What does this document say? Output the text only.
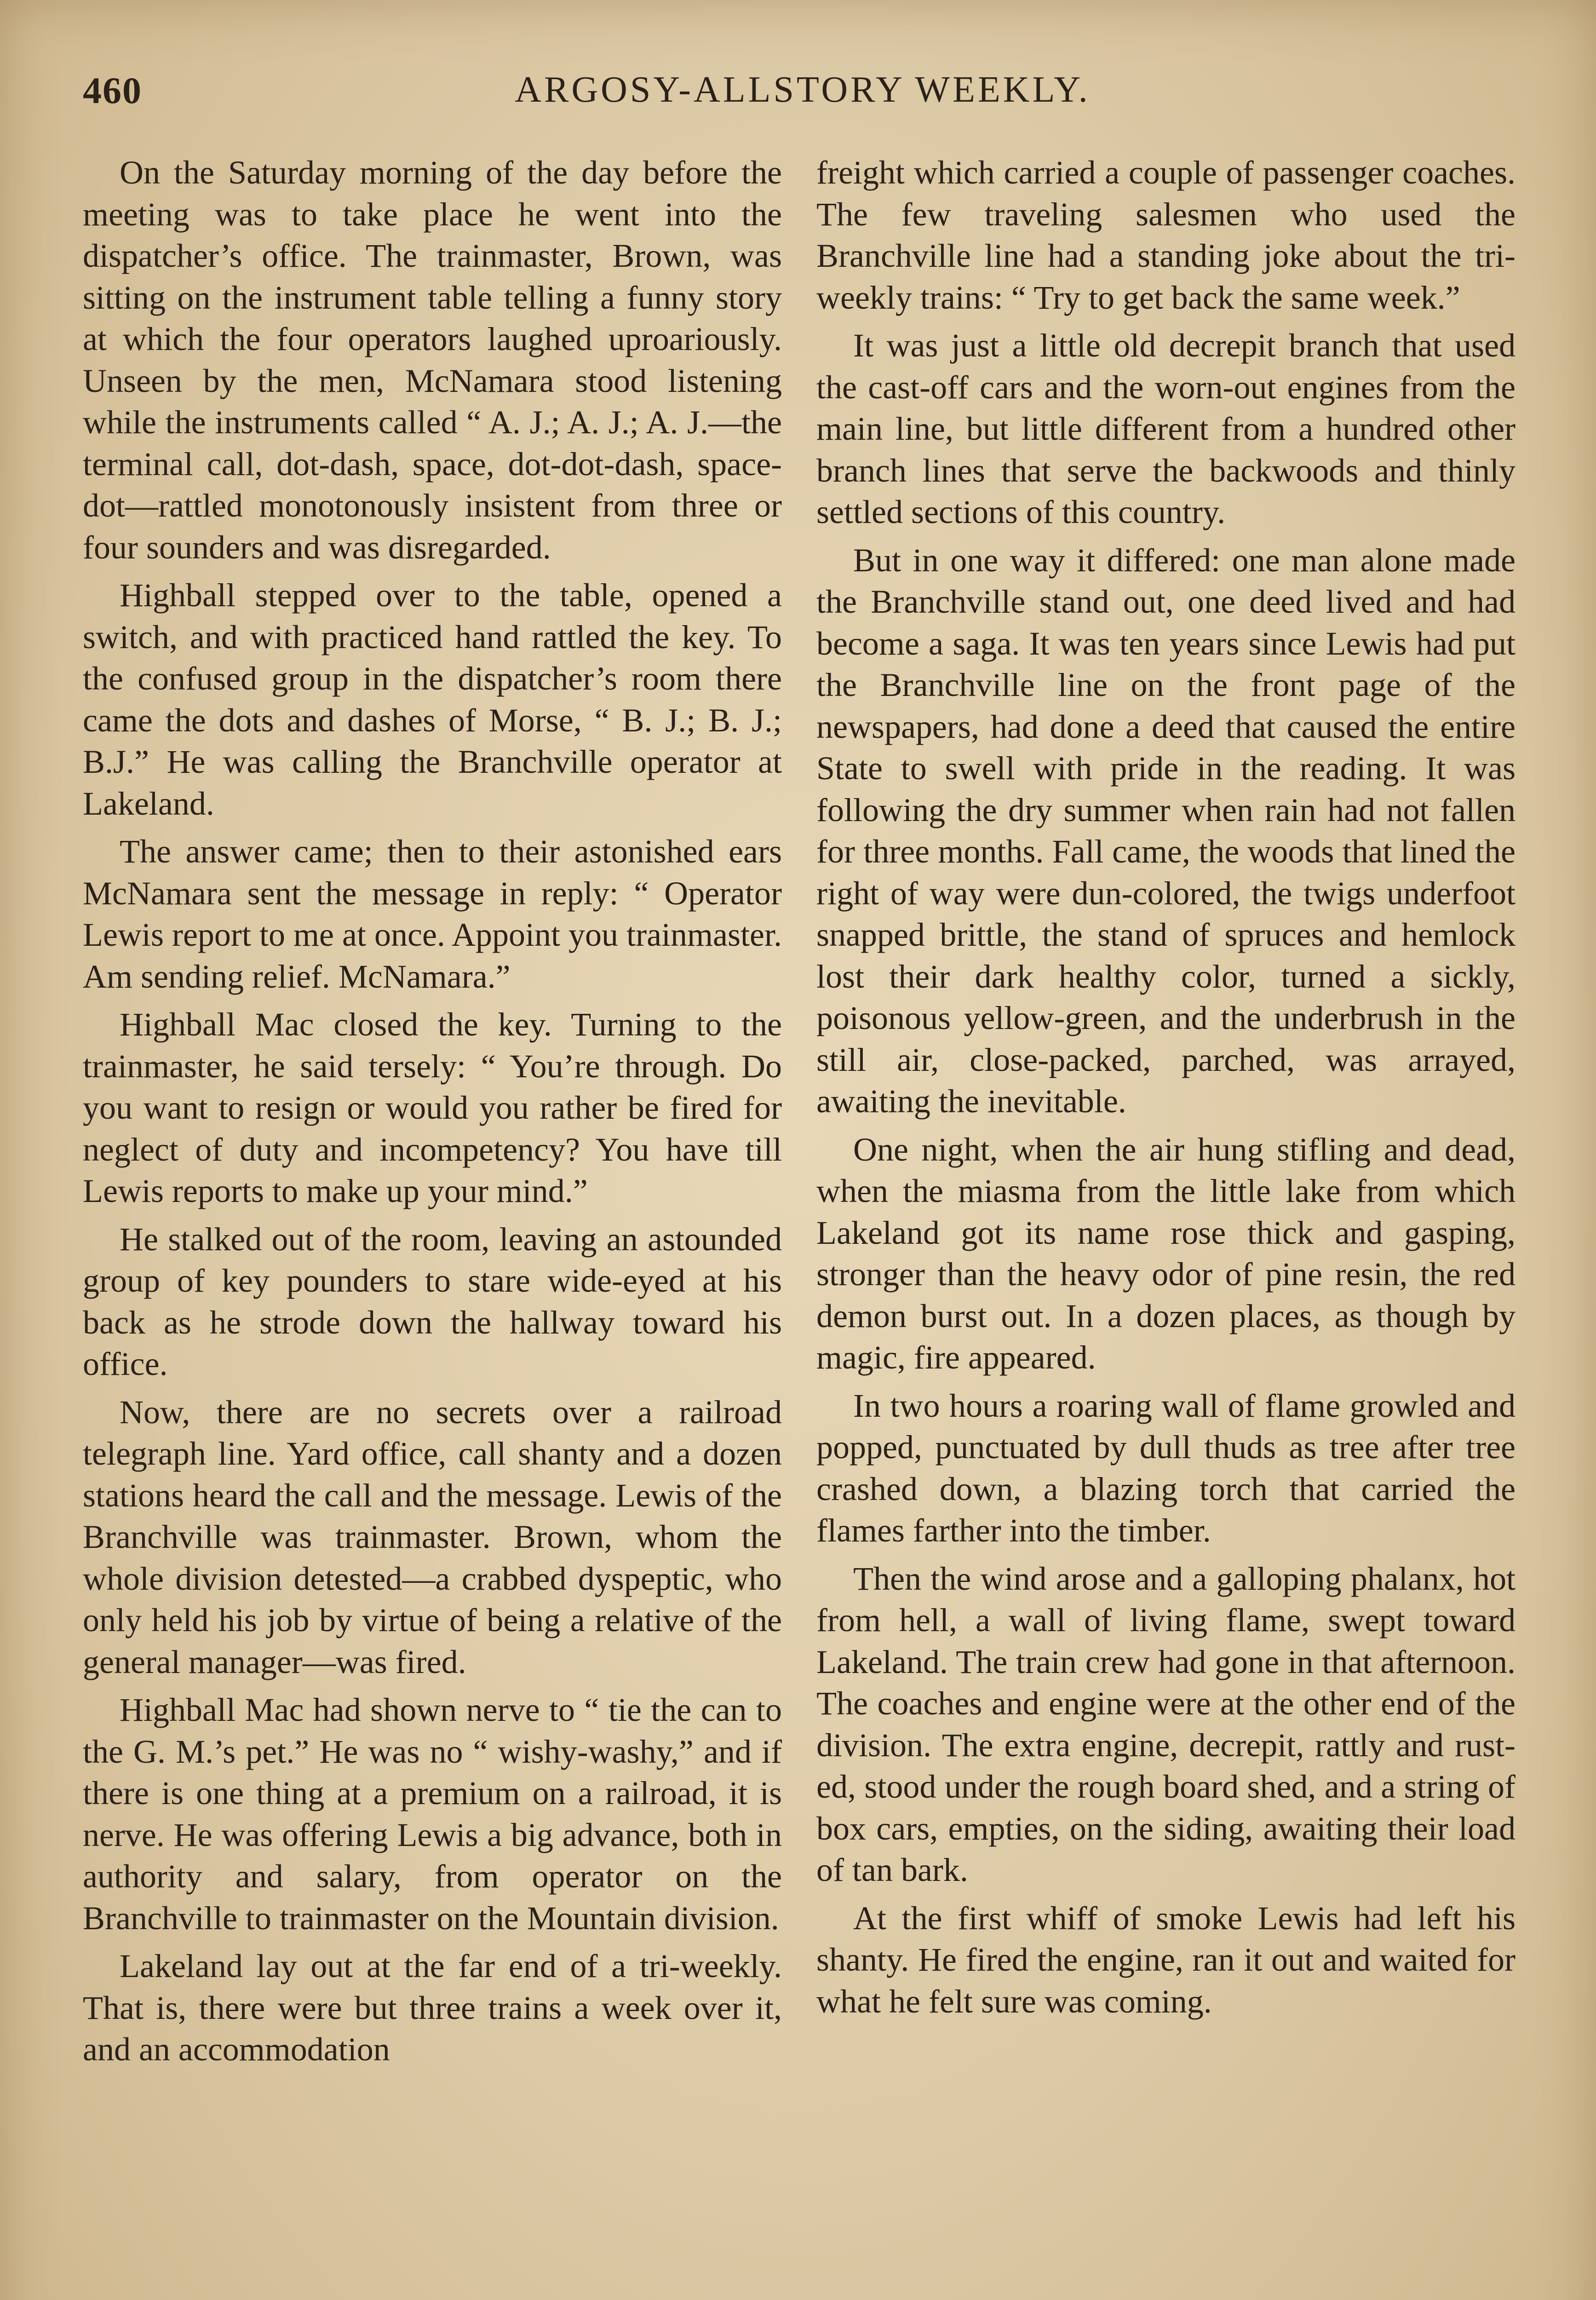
460	ARGOSY-ALLSTORY WEEKLY.

On the Saturday morning of the day before the meeting was to take place he went into the dispatcher’s office. The trainmaster, Brown, was sitting on the instrument table telling a funny story at which the four operators laughed uproariously. Unseen by the men, McNamara stood listening while the instruments called “ A. J.; A. J.; A. J.—the terminal call, dot-dash, space, dot-dot-dash, space-dot—rattled monotonously insistent from three or four sounders and was disregarded.

Highball stepped over to the table, opened a switch, and with practiced hand rattled the key. To the confused group in the dispatcher’s room there came the dots and dashes of Morse, “ B. J.; B. J.; B.J.” He was calling the Branchville operator at Lakeland.

The answer came; then to their astonished ears McNamara sent the message in reply: “ Operator Lewis report to me at once. Appoint you trainmaster. Am sending relief. McNamara.”

Highball Mac closed the key. Turning to the trainmaster, he said tersely: “ You’re through. Do you want to resign or would you rather be fired for neglect of duty and incompetency? You have till Lewis reports to make up your mind.”

He stalked out of the room, leaving an astounded group of key pounders to stare wide-eyed at his back as he strode down the hallway toward his office.

Now, there are no secrets over a railroad telegraph line. Yard office, call shanty and a dozen stations heard the call and the message. Lewis of the Branchville was trainmaster. Brown, whom the whole division detested—a crabbed dyspeptic, who only held his job by virtue of being a relative of the general manager—was fired.

Highball Mac had shown nerve to “ tie the can to the G. M.’s pet.” He was no “ wishy-washy,” and if there is one thing at a premium on a railroad, it is nerve. He was offering Lewis a big advance, both in authority and salary, from operator on the Branchville to trainmaster on the Mountain division.

Lakeland lay out at the far end of a tri-weekly. That is, there were but three trains a week over it, and an accommodation

freight which carried a couple of passenger coaches. The few traveling salesmen who used the Branchville line had a standing joke about the tri-weekly trains: “ Try to get back the same week.”

It was just a little old decrepit branch that used the cast-off cars and the worn-out engines from the main line, but little different from a hundred other branch lines that serve the backwoods and thinly settled sections of this country.

But in one way it differed: one man alone made the Branchville stand out, one deed lived and had become a saga. It was ten years since Lewis had put the Branchville line on the front page of the newspapers, had done a deed that caused the entire State to swell with pride in the reading. It was following the dry summer when rain had not fallen for three months. Fall came, the woods that lined the right of way were dun-colored, the twigs underfoot snapped brittle, the stand of spruces and hemlock lost their dark healthy color, turned a sickly, poisonous yellow-green, and the underbrush in the still air, close-packed, parched, was arrayed, awaiting the inevitable.

One night, when the air hung stifling and dead, when the miasma from the little lake from which Lakeland got its name rose thick and gasping, stronger than the heavy odor of pine resin, the red demon burst out. In a dozen places, as though by magic, fire appeared.

In two hours a roaring wall of flame growled and popped, punctuated by dull thuds as tree after tree crashed down, a blazing torch that carried the flames farther into the timber.

Then the wind arose and a galloping phalanx, hot from hell, a wall of living flame, swept toward Lakeland. The train crew had gone in that afternoon. The coaches and engine were at the other end of the division. The extra engine, decrepit, rattly and rusted, stood under the rough board shed, and a string of box cars, empties, on the siding, awaiting their load of tan bark.

At the first whiff of smoke Lewis had left his shanty. He fired the engine, ran it out and waited for what he felt sure was coming.
